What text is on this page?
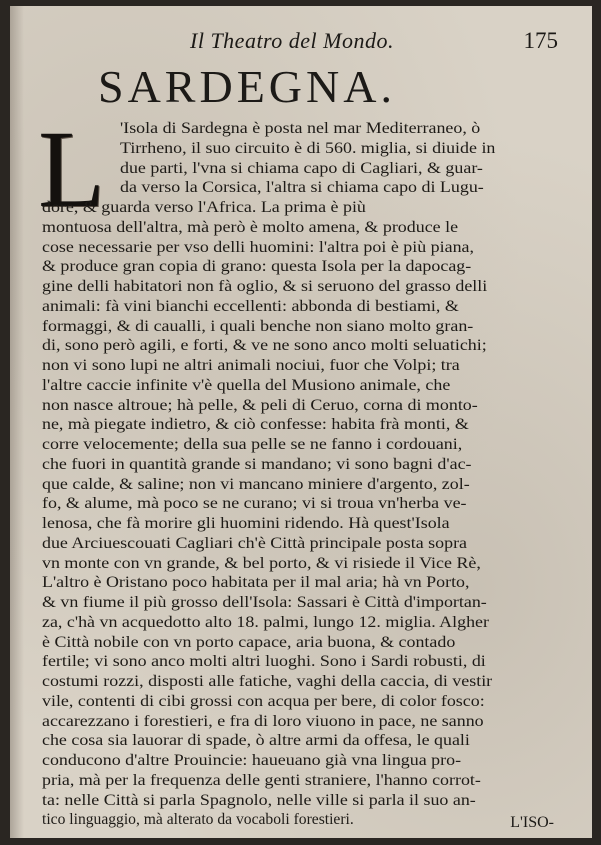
Il Theatro del Mondo.	175
SARDEGNA.
L 'Isola di Sardegna è posta nel mar Mediterraneo, ò
Tirrheno, il suo circuito è di 560. miglia, si diuide in
due parti, l'vna si chiama capo di Cagliari, & guar-
da verso la Corsica, l'altra si chiama capo di Lugu-
dore, & guarda verso l'Africa. La prima è più
montuosa dell'altra, mà però è molto amena, & produce le
cose necessarie per vso delli huomini: l'altra poi è più piana,
& produce gran copia di grano: questa Isola per la dapocag-
gine delli habitatori non fà oglio, & si seruono del grasso delli
animali: fà vini bianchi eccellenti: abbonda di bestiami, &
formaggi, & di caualli, i quali benche non siano molto gran-
di, sono però agili, e forti, & ve ne sono anco molti seluatichi;
non vi sono lupi ne altri animali nociui, fuor che Volpi; tra
l'altre caccie infinite v'è quella del Musiono animale, che
non nasce altroue; hà pelle, & peli di Ceruo, corna di monto-
ne, mà piegate indietro, & ciò confesse: habita frà monti, &
corre velocemente; della sua pelle se ne fanno i cordouani,
che fuori in quantità grande si mandano; vi sono bagni d'ac-
que calde, & saline; non vi mancano miniere d'argento, zol-
fo, & alume, mà poco se ne curano; vi si troua vn'herba ve-
lenosa, che fà morire gli huomini ridendo. Hà quest'Isola
due Arciuescouati Cagliari ch'è Città principale posta sopra
vn monte con vn grande, & bel porto, & vi risiede il Vice Rè,
L'altro è Oristano poco habitata per il mal aria; hà vn Porto,
& vn fiume il più grosso dell'Isola: Sassari è Città d'importan-
za, c'hà vn acquedotto alto 18. palmi, lungo 12. miglia. Algher
è Città nobile con vn porto capace, aria buona, & contado
fertile; vi sono anco molti altri luoghi. Sono i Sardi robusti, di
costumi rozzi, disposti alle fatiche, vaghi della caccia, di vestir
vile, contenti di cibi grossi con acqua per bere, di color fosco:
accarezzano i forestieri, e fra di loro viuono in pace, ne sanno
che cosa sia lauorar di spade, ò altre armi da offesa, le quali
conducono d'altre Prouincie: haueuano già vna lingua pro-
pria, mà per la frequenza delle genti straniere, l'hanno corrot-
ta: nelle Città si parla Spagnolo, nelle ville si parla il suo an-
tico linguaggio, mà alterato da vocaboli forestieri.	L'ISO-
